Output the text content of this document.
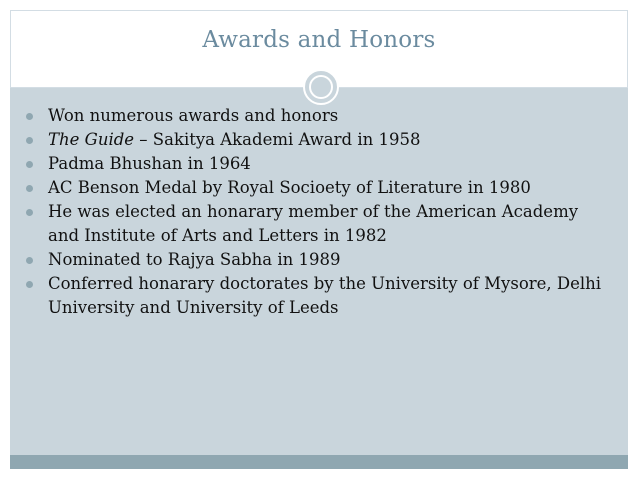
Awards and Honors
Won numerous awards and honors
The Guide – Sakitya Akademi Award in 1958
Padma Bhushan in 1964
AC Benson Medal by Royal Socioety of Literature in 1980
He was elected an honarary member of the American Academy and Institute of Arts and Letters in 1982
Nominated to Rajya Sabha in 1989
Conferred honarary doctorates by the University of Mysore, Delhi University and University of Leeds
